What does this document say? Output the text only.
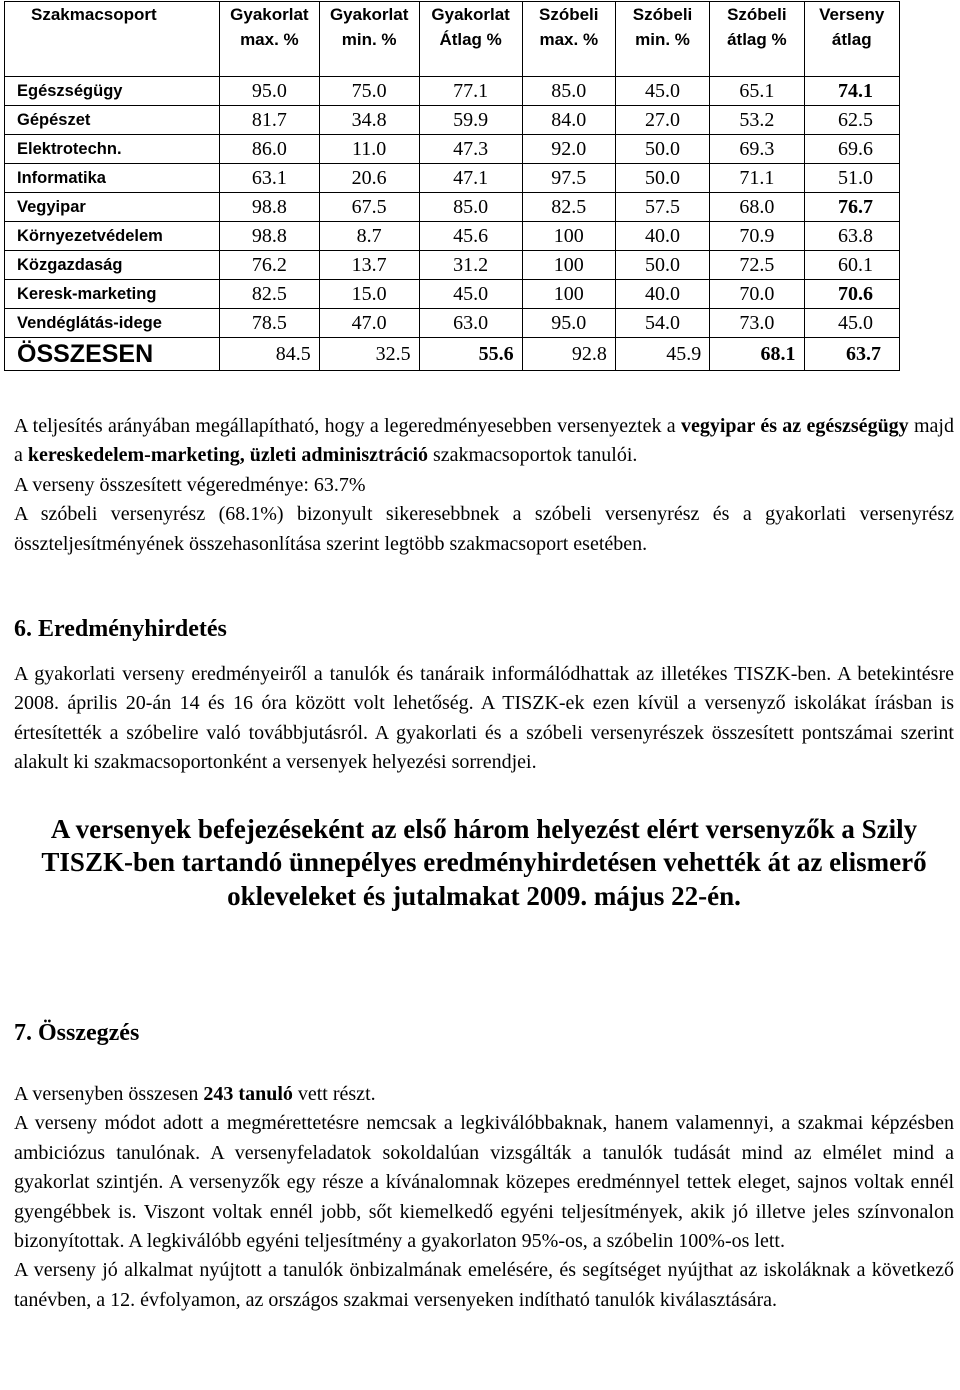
Szakmacsoport	Gyakorlat max. %	Gyakorlat min. %	Gyakorlat Átlag %	Szóbeli max. %	Szóbeli min. %	Szóbeli átlag %	Verseny átlag
Egészségügy	95.0	75.0	77.1	85.0	45.0	65.1	74.1
Gépészet	81.7	34.8	59.9	84.0	27.0	53.2	62.5
Elektrotechn.	86.0	11.0	47.3	92.0	50.0	69.3	69.6
Informatika	63.1	20.6	47.1	97.5	50.0	71.1	51.0
Vegyipar	98.8	67.5	85.0	82.5	57.5	68.0	76.7
Környezetvédelem	98.8	8.7	45.6	100	40.0	70.9	63.8
Közgazdaság	76.2	13.7	31.2	100	50.0	72.5	60.1
Keresk-marketing	82.5	15.0	45.0	100	40.0	70.0	70.6
Vendéglátás-idege	78.5	47.0	63.0	95.0	54.0	73.0	45.0
ÖSSZESEN	84.5	32.5	55.6	92.8	45.9	68.1	63.7

A teljesítés arányában megállapítható, hogy a legeredményesebben versenyeztek a vegyipar és az egészségügy majd a kereskedelem-marketing, üzleti adminisztráció szakmacsoportok tanulói.

A verseny összesített végeredménye: 63.7%

A szóbeli versenyrész (68.1%) bizonyult sikeresebbnek a szóbeli versenyrész és a gyakorlati versenyrész összteljesítményének összehasonlítása szerint legtöbb szakmacsoport esetében.

6. Eredményhirdetés

A gyakorlati verseny eredményeiről a tanulók és tanáraik informálódhattak az illetékes TISZK-ben. A betekintésre 2008. április 20-án 14 és 16 óra között volt lehetőség. A TISZK-ek ezen kívül a versenyző iskolákat írásban is értesítették a szóbelire való továbbjutásról. A gyakorlati és a szóbeli versenyrészek összesített pontszámai szerint alakult ki szakmacsoportonként a versenyek helyezési sorrendjei.

A versenyek befejezéseként az első három helyezést elért versenyzők a Szily TISZK-ben tartandó ünnepélyes eredményhirdetésen vehették át az elismerő okleveleket és jutalmakat 2009. május 22-én.

7. Összegzés

A versenyben összesen 243 tanuló vett részt.

A verseny módot adott a megmérettetésre nemcsak a legkiválóbbaknak, hanem valamennyi, a szakmai képzésben ambiciózus tanulónak. A versenyfeladatok sokoldalúan vizsgálták a tanulók tudását mind az elmélet mind a gyakorlat szintjén. A versenyzők egy része a kívánalomnak közepes eredménnyel tettek eleget, sajnos voltak ennél gyengébbek is. Viszont voltak ennél jobb, sőt kiemelkedő egyéni teljesítmények, akik jó illetve jeles színvonalon bizonyítottak. A legkiválóbb egyéni teljesítmény a gyakorlaton 95%-os, a szóbelin 100%-os lett.

A verseny jó alkalmat nyújtott a tanulók önbizalmának emelésére, és segítséget nyújthat az iskoláknak a következő tanévben, a 12. évfolyamon, az országos szakmai versenyeken indítható tanulók kiválasztására.
